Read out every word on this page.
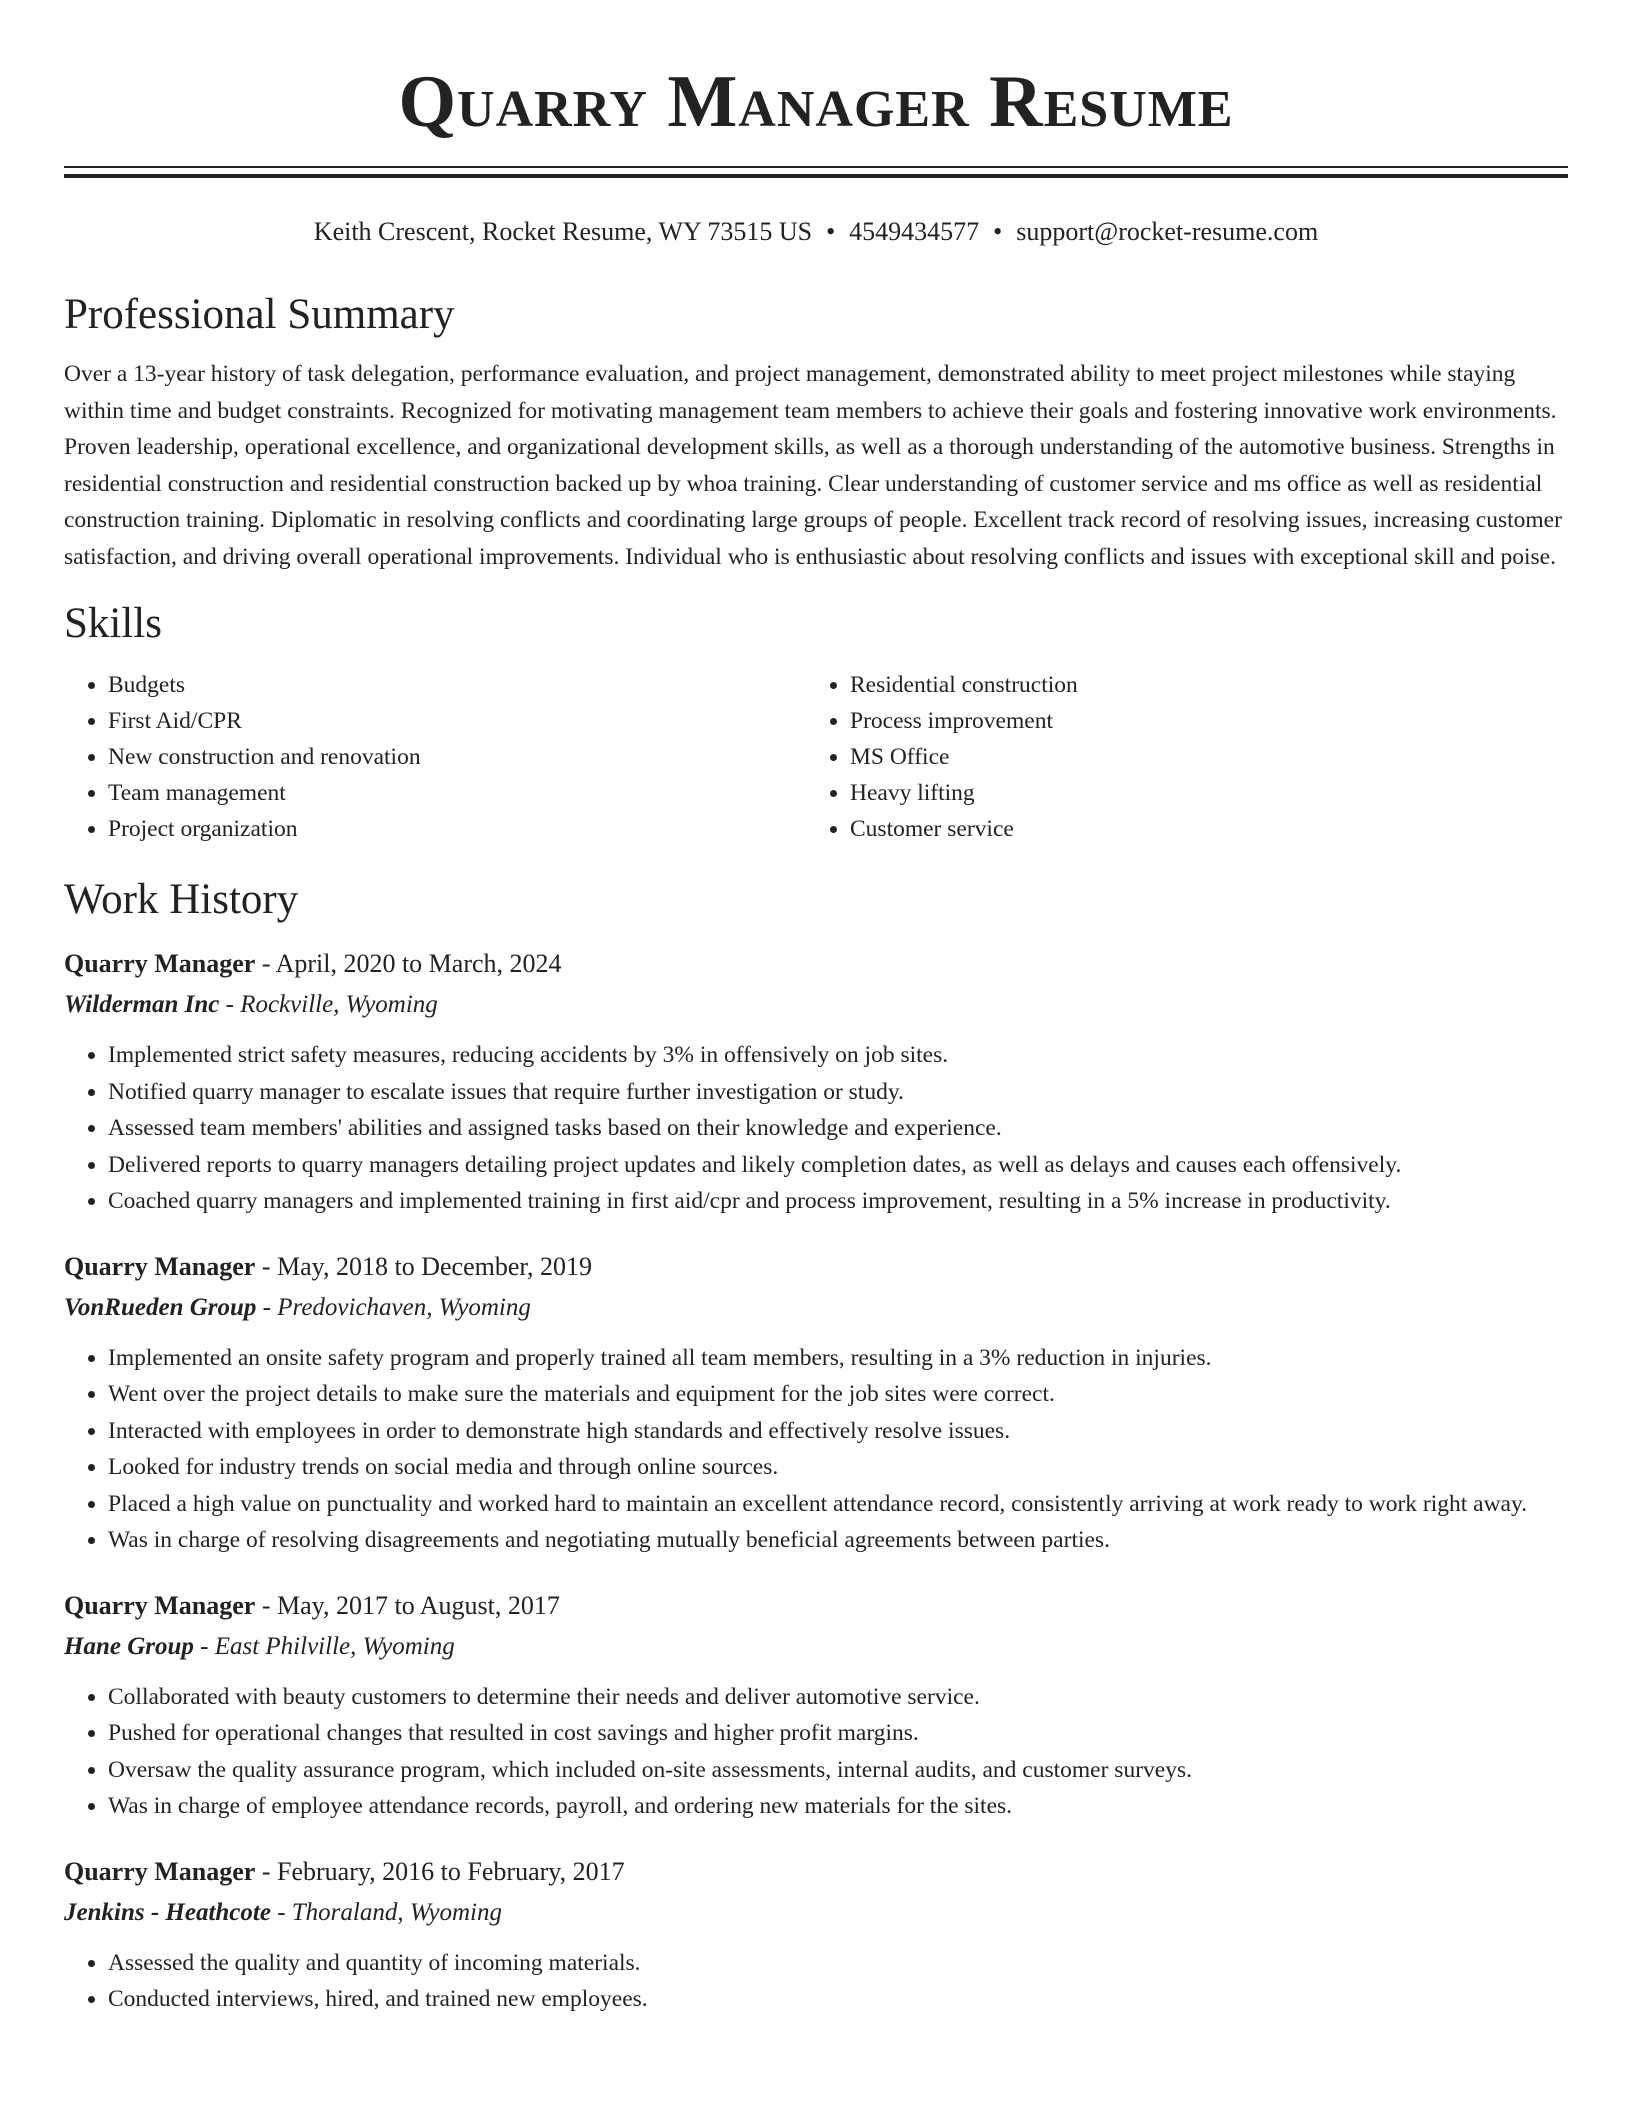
Quarry Manager Resume
Keith Crescent, Rocket Resume, WY 73515 US • 4549434577 • support@rocket-resume.com
Professional Summary

Over a 13-year history of task delegation, performance evaluation, and project management, demonstrated ability to meet project milestones while staying within time and budget constraints. Recognized for motivating management team members to achieve their goals and fostering innovative work environments. Proven leadership, operational excellence, and organizational development skills, as well as a thorough understanding of the automotive business. Strengths in residential construction and residential construction backed up by whoa training. Clear understanding of customer service and ms office as well as residential construction training. Diplomatic in resolving conflicts and coordinating large groups of people. Excellent track record of resolving issues, increasing customer satisfaction, and driving overall operational improvements. Individual who is enthusiastic about resolving conflicts and issues with exceptional skill and poise.

Skills
• Budgets
• First Aid/CPR
• New construction and renovation
• Team management
• Project organization
• Residential construction
• Process improvement
• MS Office
• Heavy lifting
• Customer service
Work History
Quarry Manager - April, 2020 to March, 2024
Wilderman Inc - Rockville, Wyoming
• Implemented strict safety measures, reducing accidents by 3% in offensively on job sites.
• Notified quarry manager to escalate issues that require further investigation or study.
• Assessed team members' abilities and assigned tasks based on their knowledge and experience.
• Delivered reports to quarry managers detailing project updates and likely completion dates, as well as delays and causes each offensively.
• Coached quarry managers and implemented training in first aid/cpr and process improvement, resulting in a 5% increase in productivity.
Quarry Manager - May, 2018 to December, 2019
VonRueden Group - Predovichaven, Wyoming
• Implemented an onsite safety program and properly trained all team members, resulting in a 3% reduction in injuries.
• Went over the project details to make sure the materials and equipment for the job sites were correct.
• Interacted with employees in order to demonstrate high standards and effectively resolve issues.
• Looked for industry trends on social media and through online sources.
• Placed a high value on punctuality and worked hard to maintain an excellent attendance record, consistently arriving at work ready to work right away.
• Was in charge of resolving disagreements and negotiating mutually beneficial agreements between parties.
Quarry Manager - May, 2017 to August, 2017
Hane Group - East Philville, Wyoming
• Collaborated with beauty customers to determine their needs and deliver automotive service.
• Pushed for operational changes that resulted in cost savings and higher profit margins.
• Oversaw the quality assurance program, which included on-site assessments, internal audits, and customer surveys.
• Was in charge of employee attendance records, payroll, and ordering new materials for the sites.
Quarry Manager - February, 2016 to February, 2017
Jenkins - Heathcote - Thoraland, Wyoming
• Assessed the quality and quantity of incoming materials.
• Conducted interviews, hired, and trained new employees.
